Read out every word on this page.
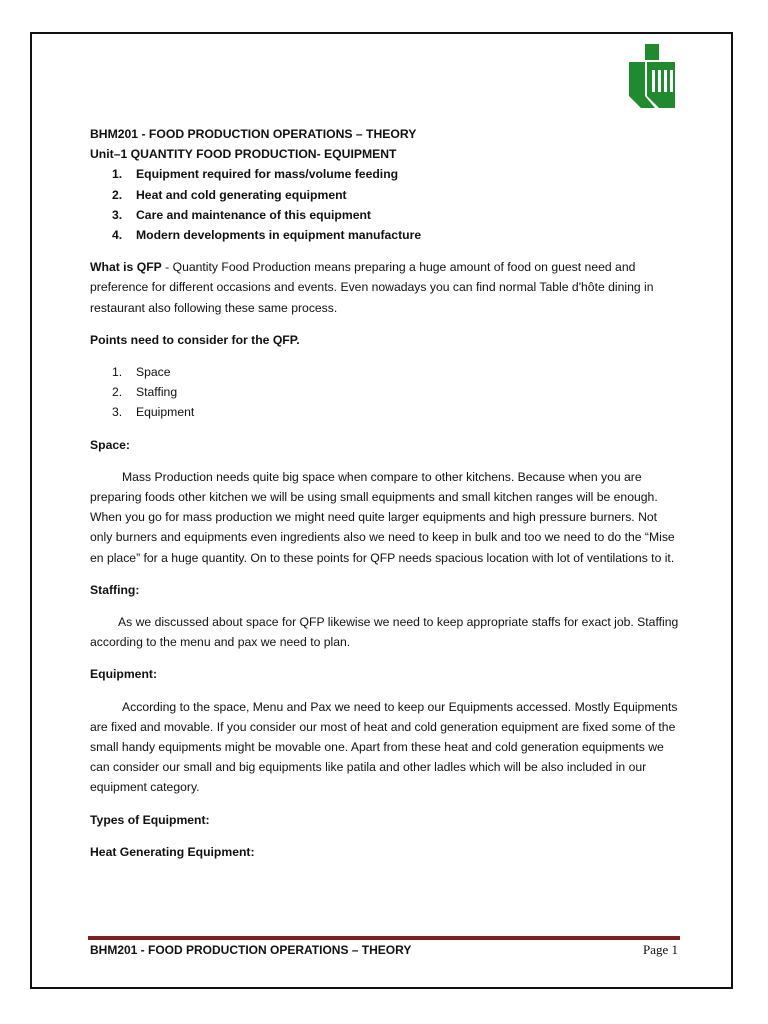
BHM201 - FOOD PRODUCTION OPERATIONS – THEORY

Unit–1 QUANTITY FOOD PRODUCTION- EQUIPMENT

1. Equipment required for mass/volume feeding
2. Heat and cold generating equipment
3. Care and maintenance of this equipment
4. Modern developments in equipment manufacture

What is QFP - Quantity Food Production means preparing a huge amount of food on guest need and preference for different occasions and events. Even nowadays you can find normal Table d'hôte dining in restaurant also following these same process.

Points need to consider for the QFP.

1. Space
2. Staffing
3. Equipment

Space:

Mass Production needs quite big space when compare to other kitchens. Because when you are preparing foods other kitchen we will be using small equipments and small kitchen ranges will be enough. When you go for mass production we might need quite larger equipments and high pressure burners. Not only burners and equipments even ingredients also we need to keep in bulk and too we need to do the “Mise en place” for a huge quantity. On to these points for QFP needs spacious location with lot of ventilations to it.

Staffing:

As we discussed about space for QFP likewise we need to keep appropriate staffs for exact job. Staffing according to the menu and pax we need to plan.

Equipment:

According to the space, Menu and Pax we need to keep our Equipments accessed. Mostly Equipments are fixed and movable. If you consider our most of heat and cold generation equipment are fixed some of the small handy equipments might be movable one. Apart from these heat and cold generation equipments we can consider our small and big equipments like patila and other ladles which will be also included in our equipment category.

Types of Equipment:

Heat Generating Equipment:

BHM201 - FOOD PRODUCTION OPERATIONS – THEORY	Page 1
